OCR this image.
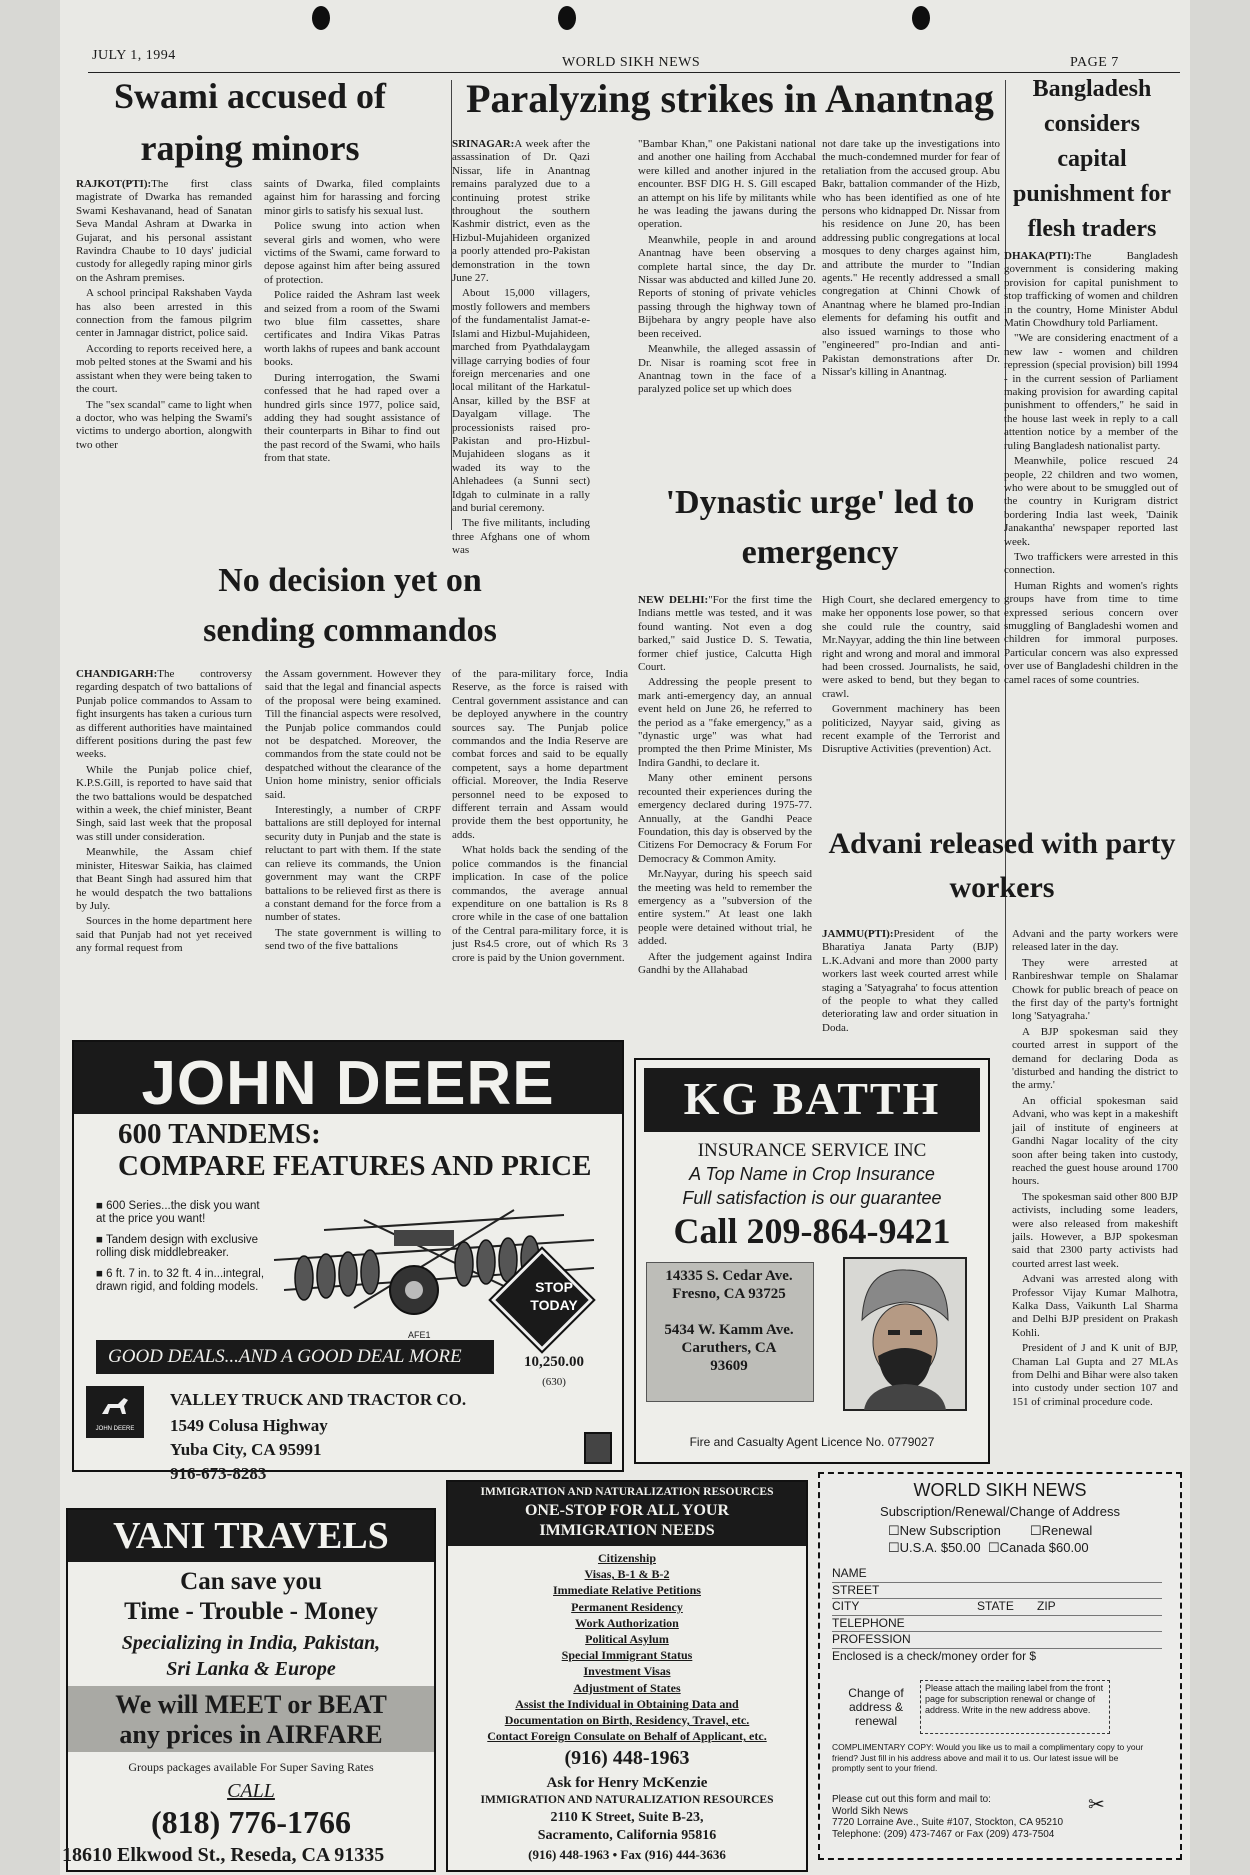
JULY 1, 1994	WORLD SIKH NEWS	PAGE 7
Swami accused of raping minors

RAJKOT(PTI):The first class magistrate of Dwarka has remanded Swami Keshavanand, head of Sanatan Seva Mandal Ashram at Dwarka in Gujarat, and his personal assistant Ravindra Chaube to 10 days' judicial custody for allegedly raping minor girls on the Ashram premises.

A school principal Rakshaben Vayda has also been arrested in this connection from the famous pilgrim center in Jamnagar district, police said.

According to reports received here, a mob pelted stones at the Swami and his assistant when they were being taken to the court.

The "sex scandal" came to light when a doctor, who was helping the Swami's victims to undergo abortion, alongwith two other

saints of Dwarka, filed complaints against him for harassing and forcing minor girls to satisfy his sexual lust.

Police swung into action when several girls and women, who were victims of the Swami, came forward to depose against him after being assured of protection.

Police raided the Ashram last week and seized from a room of the Swami two blue film cassettes, share certificates and Indira Vikas Patras worth lakhs of rupees and bank account books.

During interrogation, the Swami confessed that he had raped over a hundred girls since 1977, police said, adding they had sought assistance of their counterparts in Bihar to find out the past record of the Swami, who hails from that state.

Paralyzing strikes in Anantnag

SRINAGAR:A week after the assassination of Dr. Qazi Nissar, life in Anantnag remains paralyzed due to a continuing protest strike throughout the southern Kashmir district, even as the Hizbul-Mujahideen organized a poorly attended pro-Pakistan demonstration in the town June 27.

About 15,000 villagers, mostly followers and members of the fundamentalist Jamat-e-Islami and Hizbul-Mujahideen, marched from Pyathdalaygam village carrying bodies of four foreign mercenaries and one local militant of the Harkatul-Ansar, killed by the BSF at Dayalgam village. The processionists raised pro-Pakistan and pro-Hizbul-Mujahideen slogans as it waded its way to the Ahlehadees (a Sunni sect) Idgah to culminate in a rally and burial ceremony.

The five militants, including three Afghans one of whom was

"Bambar Khan," one Pakistani national and another one hailing from Acchabal were killed and another injured in the encounter. BSF DIG H. S. Gill escaped an attempt on his life by militants while he was leading the jawans during the operation.

Meanwhile, people in and around Anantnag have been observing a complete hartal since, the day Dr. Nissar was abducted and killed June 20. Reports of stoning of private vehicles passing through the highway town of Bijbehara by angry people have also been received.

Meanwhile, the alleged assassin of Dr. Nisar is roaming scot free in Anantnag town in the face of a paralyzed police set up which does

not dare take up the investigations into the much-condemned murder for fear of retaliation from the accused group. Abu Bakr, battalion commander of the Hizb, who has been identified as one of hte persons who kidnapped Dr. Nissar from his residence on June 20, has been addressing public congregations at local mosques to deny charges against him, and attribute the murder to "Indian agents." He recently addressed a small congregation at Chinni Chowk of Anantnag where he blamed pro-Indian elements for defaming his outfit and also issued warnings to those who "engineered" pro-Indian and anti-Pakistan demonstrations after Dr. Nissar's killing in Anantnag.

Bangladesh considers capital punishment for flesh traders

DHAKA(PTI):The Bangladesh government is considering making provision for capital punishment to stop trafficking of women and children in the country, Home Minister Abdul Matin Chowdhury told Parliament.

"We are considering enactment of a new law - women and children repression (special provision) bill 1994 - in the current session of Parliament making provision for awarding capital punishment to offenders," he said in the house last week in reply to a call attention notice by a member of the ruling Bangladesh nationalist party.

Meanwhile, police rescued 24 people, 22 children and two women, who were about to be smuggled out of the country in Kurigram district bordering India last week, 'Dainik Janakantha' newspaper reported last week.

Two traffickers were arrested in this connection.

Human Rights and women's rights groups have from time to time expressed serious concern over smuggling of Bangladeshi women and children for immoral purposes. Particular concern was also expressed over use of Bangladeshi children in the camel races of some countries.

No decision yet on sending commandos

CHANDIGARH:The controversy regarding despatch of two battalions of Punjab police commandos to Assam to fight insurgents has taken a curious turn as different authorities have maintained different positions during the past few weeks.

While the Punjab police chief, K.P.S.Gill, is reported to have said that the two battalions would be despatched within a week, the chief minister, Beant Singh, said last week that the proposal was still under consideration.

Meanwhile, the Assam chief minister, Hiteswar Saikia, has claimed that Beant Singh had assured him that he would despatch the two battalions by July.

Sources in the home department here said that Punjab had not yet received any formal request from

the Assam government. However they said that the legal and financial aspects of the proposal were being examined. Till the financial aspects were resolved, the Punjab police commandos could not be despatched. Moreover, the commandos from the state could not be despatched without the clearance of the Union home ministry, senior officials said.

Interestingly, a number of CRPF battalions are still deployed for internal security duty in Punjab and the state is reluctant to part with them. If the state can relieve its commands, the Union government may want the CRPF battalions to be relieved first as there is a constant demand for the force from a number of states.

The state government is willing to send two of the five battalions

of the para-military force, India Reserve, as the force is raised with Central government assistance and can be deployed anywhere in the country sources say. The Punjab police commandos and the India Reserve are combat forces and said to be equally competent, says a home department official. Moreover, the India Reserve personnel need to be exposed to different terrain and Assam would provide them the best opportunity, he adds.

What holds back the sending of the police commandos is the financial implication. In case of the police commandos, the average annual expenditure on one battalion is Rs 8 crore while in the case of one battalion of the Central para-military force, it is just Rs4.5 crore, out of which Rs 3 crore is paid by the Union government.

'Dynastic urge' led to emergency

NEW DELHI:"For the first time the Indians mettle was tested, and it was found wanting. Not even a dog barked," said Justice D. S. Tewatia, former chief justice, Calcutta High Court.

Addressing the people present to mark anti-emergency day, an annual event held on June 26, he referred to the period as a "fake emergency," as a "dynastic urge" was what had prompted the then Prime Minister, Ms Indira Gandhi, to declare it.

Many other eminent persons recounted their experiences during the emergency declared during 1975-77. Annually, at the Gandhi Peace Foundation, this day is observed by the Citizens For Democracy & Forum For Democracy & Common Amity.

Mr.Nayyar, during his speech said the meeting was held to remember the emergency as a "subversion of the entire system." At least one lakh people were detained without trial, he added.

After the judgement against Indira Gandhi by the Allahabad

High Court, she declared emergency to make her opponents lose power, so that she could rule the country, said Mr.Nayyar, adding the thin line between right and wrong and moral and immoral had been crossed. Journalists, he said, were asked to bend, but they began to crawl.

Government machinery has been politicized, Nayyar said, giving as recent example of the Terrorist and Disruptive Activities (prevention) Act.

Advani released with party workers

JAMMU(PTI):President of the Bharatiya Janata Party (BJP) L.K.Advani and more than 2000 party workers last week courted arrest while staging a 'Satyagraha' to focus attention of the people to what they called deteriorating law and order situation in Doda.

Advani and the party workers were released later in the day.

They were arrested at Ranbireshwar temple on Shalamar Chowk for public breach of peace on the first day of the party's fortnight long 'Satyagraha.'

A BJP spokesman said they courted arrest in support of the demand for declaring Doda as 'disturbed and handing the district to the army.'

An official spokesman said Advani, who was kept in a makeshift jail of institute of engineers at Gandhi Nagar locality of the city soon after being taken into custody, reached the guest house around 1700 hours.

The spokesman said other 800 BJP activists, including some leaders, were also released from makeshift jails. However, a BJP spokesman said that 2300 party activists had courted arrest last week.

Advani was arrested along with Professor Vijay Kumar Malhotra, Kalka Dass, Vaikunth Lal Sharma and Delhi BJP president on Prakash Kohli.

President of J and K unit of BJP, Chaman Lal Gupta and 27 MLAs from Delhi and Bihar were also taken into custody under section 107 and 151 of criminal procedure code.

JOHN DEERE
600 TANDEMS:
COMPARE FEATURES AND PRICE
■ 600 Series...the disk you want at the price you want!
■ Tandem design with exclusive rolling disk middlebreaker.
■ 6 ft. 7 in. to 32 ft. 4 in...integral, drawn rigid, and folding models.
AFE1
GOOD DEALS...AND A GOOD DEAL MORE
STOP TODAY
10,250.00
(630)
JOHN DEERE
VALLEY TRUCK AND TRACTOR CO.
1549 Colusa Highway
Yuba City, CA 95991
916-673-8283
KG BATTH
INSURANCE SERVICE INC
A Top Name in Crop Insurance
Full satisfaction is our guarantee
Call 209-864-9421
14335 S. Cedar Ave.
Fresno, CA 93725
5434 W. Kamm Ave.
Caruthers, CA
93609
Fire and Casualty Agent Licence No. 0779027
VANI TRAVELS
Can save you
Time - Trouble - Money
Specializing in India, Pakistan,
Sri Lanka & Europe
We will MEET or BEAT
any prices in AIRFARE
Groups packages available For Super Saving Rates
CALL
(818) 776-1766
18610 Elkwood St., Reseda, CA 91335
IMMIGRATION AND NATURALIZATION RESOURCES
ONE-STOP FOR ALL YOUR
IMMIGRATION NEEDS
Citizenship
Visas, B-1 & B-2
Immediate Relative Petitions
Permanent Residency
Work Authorization
Political Asylum
Special Immigrant Status
Investment Visas
Adjustment of States
Assist the Individual in Obtaining Data and
Documentation on Birth, Residency, Travel, etc.
Contact Foreign Consulate on Behalf of Applicant, etc.
(916) 448-1963
Ask for Henry McKenzie
IMMIGRATION AND NATURALIZATION RESOURCES
2110 K Street, Suite B-23,
Sacramento, California 95816
(916) 448-1963 • Fax (916) 444-3636
WORLD SIKH NEWS
Subscription/Renewal/Change of Address
☐New Subscription ☐Renewal
☐U.S.A. $50.00 ☐Canada $60.00
NAME
STREET
CITY	STATE ZIP
TELEPHONE
PROFESSION
Enclosed is a check/money order for $
Change of
address &
renewal
Please attach the mailing label from the front page for subscription renewal or change of address. Write in the new address above.
COMPLIMENTARY COPY: Would you like us to mail a complimentary copy to your friend? Just fill in his address above and mail it to us. Our latest issue will be promptly sent to your friend.
Please cut out this form and mail to:
World Sikh News
7720 Lorraine Ave., Suite #107, Stockton, CA 95210
Telephone: (209) 473-7467 or Fax (209) 473-7504
✂
